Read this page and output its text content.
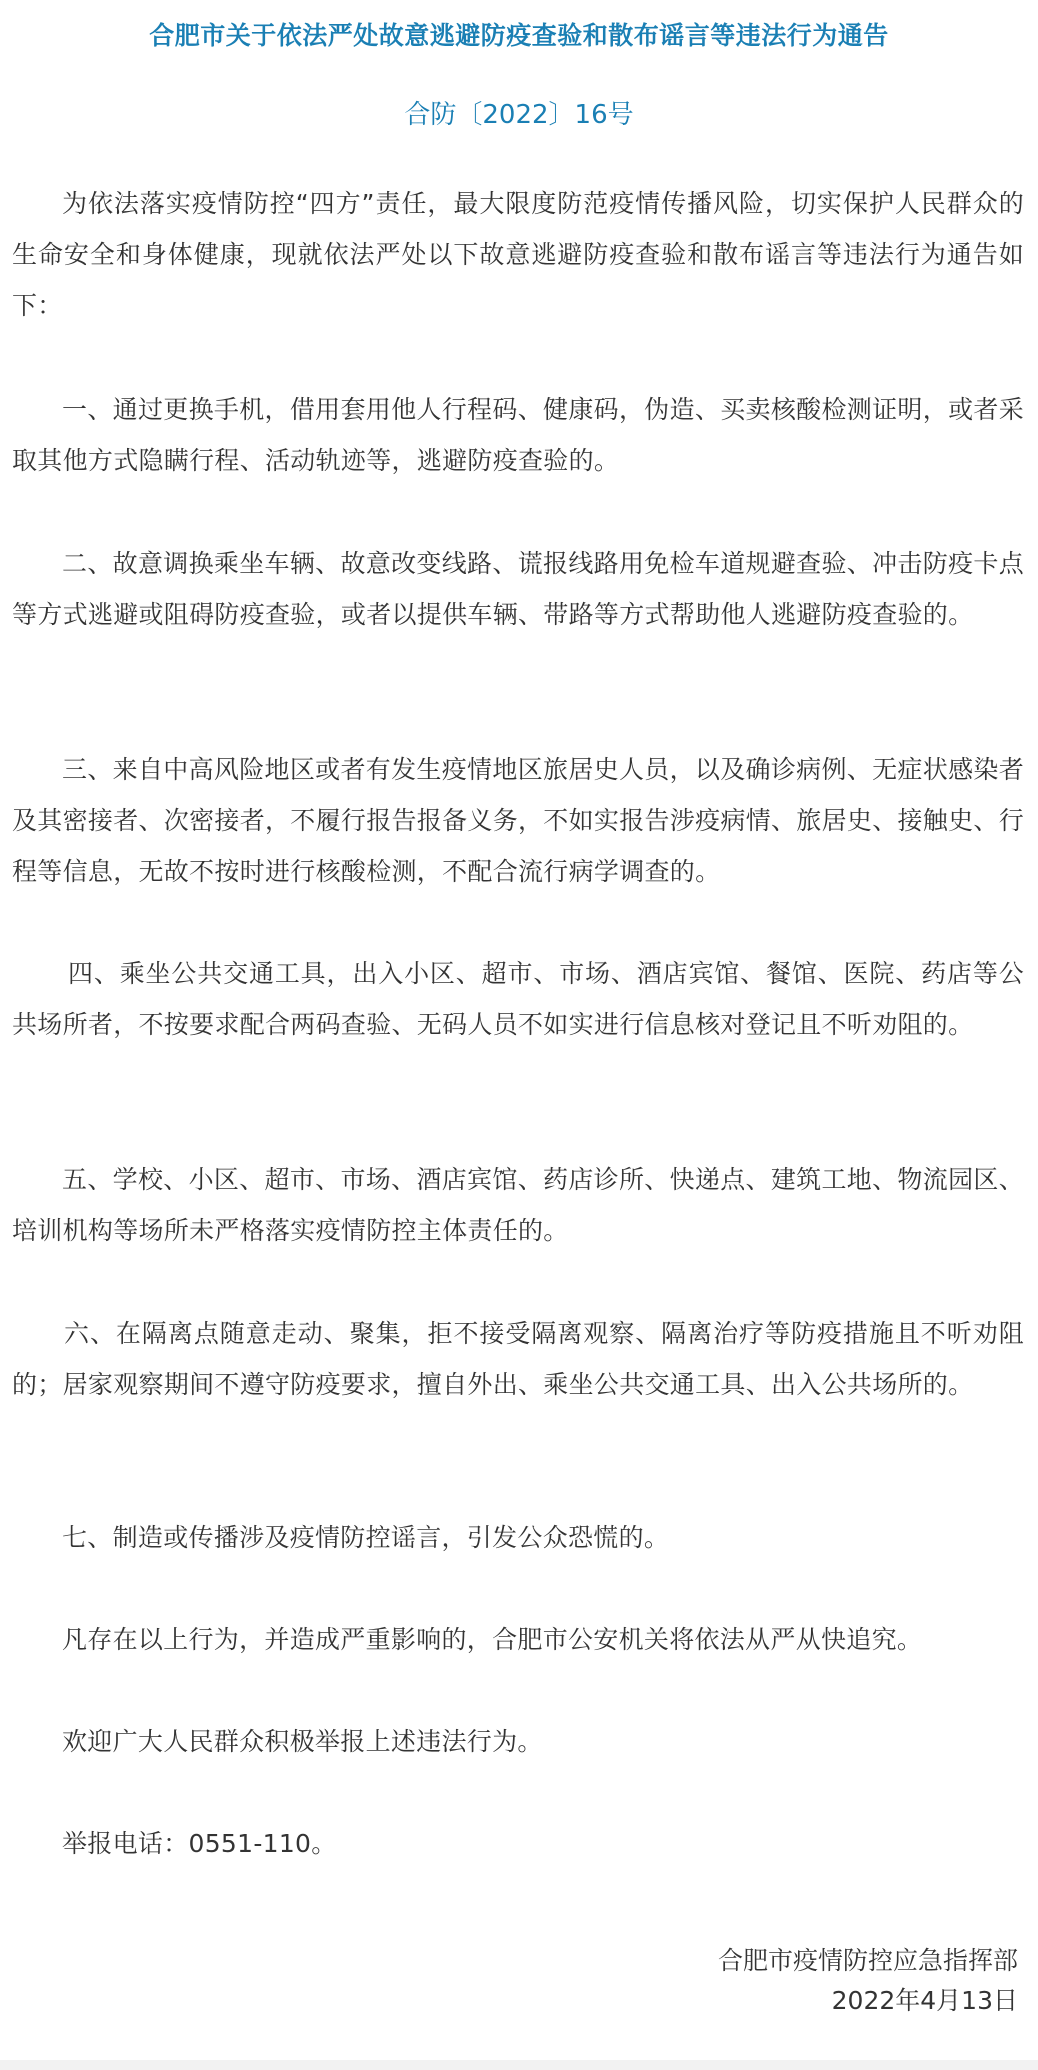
合肥市关于依法严处故意逃避防疫查验和散布谣言等违法行为通告
合防〔2022〕16号

为依法落实疫情防控“四方”责任，最大限度防范疫情传播风险，切实保护人民群众的生命安全和身体健康，现就依法严处以下故意逃避防疫查验和散布谣言等违法行为通告如下：

一、通过更换手机，借用套用他人行程码、健康码，伪造、买卖核酸检测证明，或者采取其他方式隐瞒行程、活动轨迹等，逃避防疫查验的。

二、故意调换乘坐车辆、故意改变线路、谎报线路用免检车道规避查验、冲击防疫卡点等方式逃避或阻碍防疫查验，或者以提供车辆、带路等方式帮助他人逃避防疫查验的。

三、来自中高风险地区或者有发生疫情地区旅居史人员，以及确诊病例、无症状感染者及其密接者、次密接者，不履行报告报备义务，不如实报告涉疫病情、旅居史、接触史、行程等信息，无故不按时进行核酸检测，不配合流行病学调查的。

四、乘坐公共交通工具，出入小区、超市、市场、酒店宾馆、餐馆、医院、药店等公共场所者，不按要求配合两码查验、无码人员不如实进行信息核对登记且不听劝阻的。

五、学校、小区、超市、市场、酒店宾馆、药店诊所、快递点、建筑工地、物流园区、培训机构等场所未严格落实疫情防控主体责任的。

六、在隔离点随意走动、聚集，拒不接受隔离观察、隔离治疗等防疫措施且不听劝阻的；居家观察期间不遵守防疫要求，擅自外出、乘坐公共交通工具、出入公共场所的。

七、制造或传播涉及疫情防控谣言，引发公众恐慌的。

凡存在以上行为，并造成严重影响的，合肥市公安机关将依法从严从快追究。

欢迎广大人民群众积极举报上述违法行为。

举报电话：0551-110。

合肥市疫情防控应急指挥部
2022年4月13日
